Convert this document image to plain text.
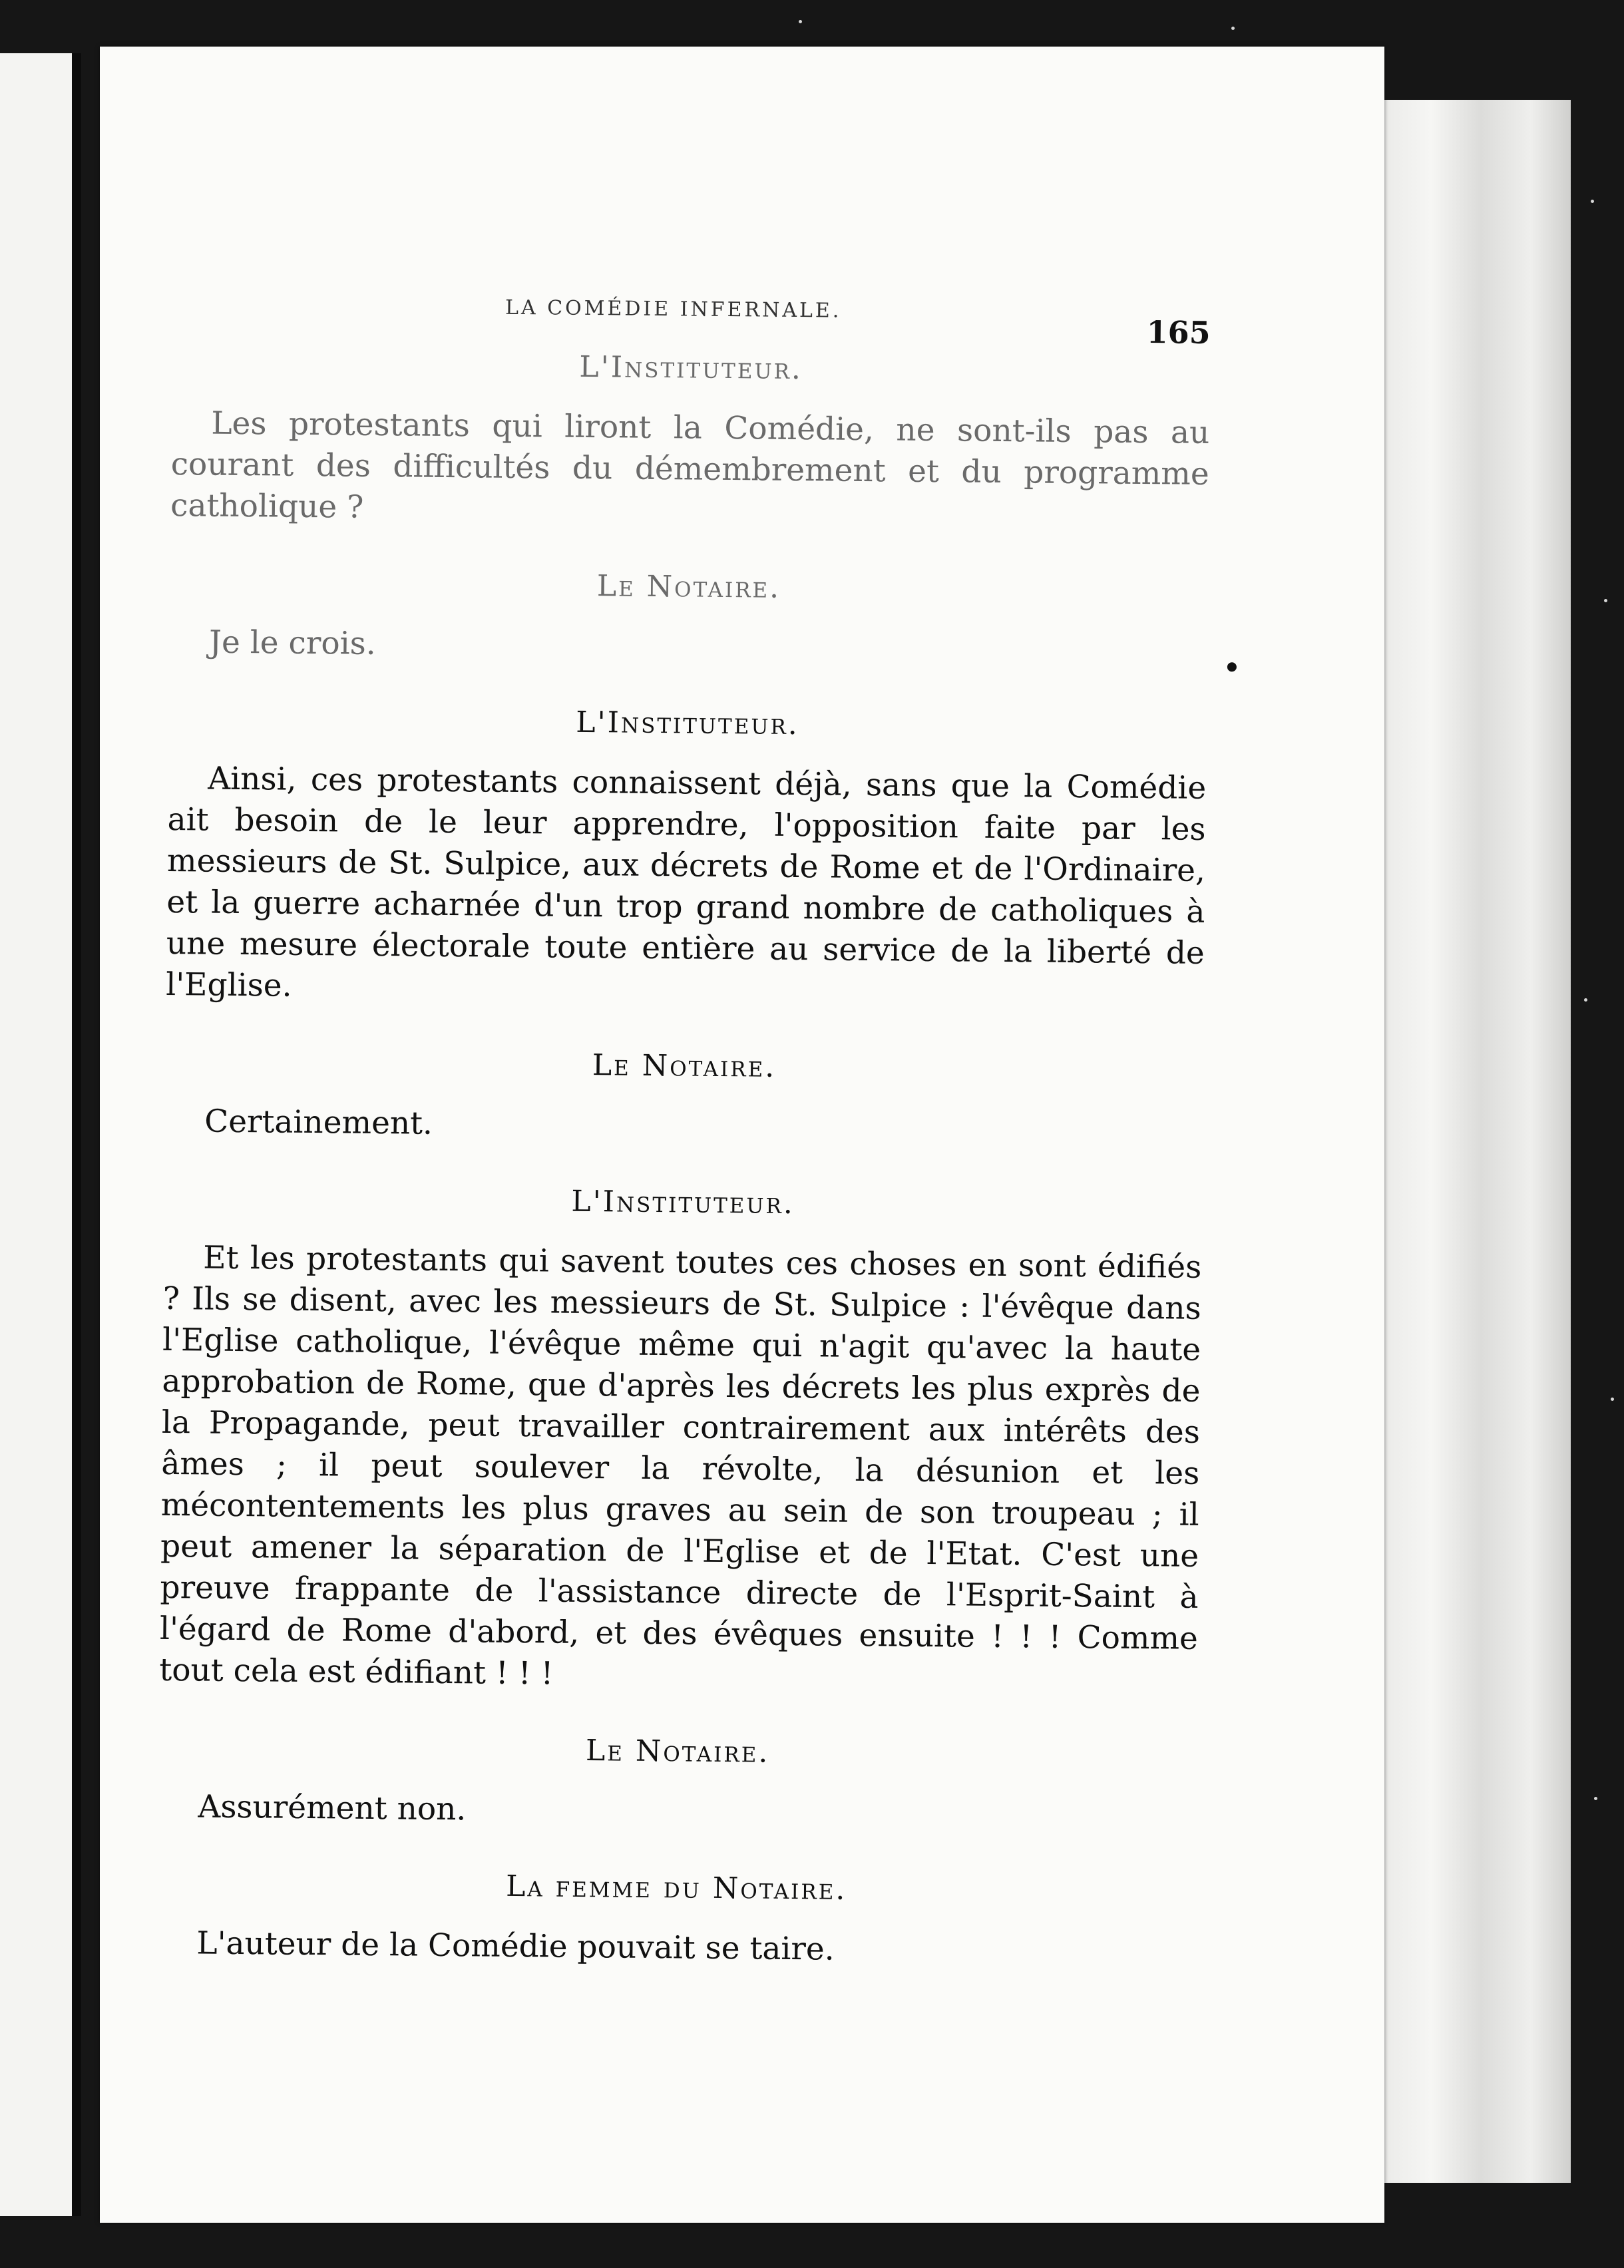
LA COMÉDIE INFERNALE.
165

L'Instituteur.

Les protestants qui liront la Comédie, ne sont-ils pas au courant des difficultés du démembrement et du programme catholique ?

Le Notaire.

Je le crois.

L'Instituteur.

Ainsi, ces protestants connaissent déjà, sans que la Comédie ait besoin de le leur apprendre, l'opposition faite par les messieurs de St. Sulpice, aux décrets de Rome et de l'Ordinaire, et la guerre acharnée d'un trop grand nombre de catholiques à une mesure électorale toute entière au service de la liberté de l'Eglise.

Le Notaire.

Certainement.

L'Instituteur.

Et les protestants qui savent toutes ces choses en sont édifiés ? Ils se disent, avec les messieurs de St. Sulpice : l'évêque dans l'Eglise catholique, l'évêque même qui n'agit qu'avec la haute approbation de Rome, que d'après les décrets les plus exprès de la Propagande, peut travailler contrairement aux intérêts des âmes ; il peut soulever la révolte, la désunion et les mécontentements les plus graves au sein de son troupeau ; il peut amener la séparation de l'Eglise et de l'Etat. C'est une preuve frappante de l'assistance directe de l'Esprit-Saint à l'égard de Rome d'abord, et des évêques ensuite ! ! ! Comme tout cela est édifiant ! ! !

Le Notaire.

Assurément non.

La femme du Notaire.

L'auteur de la Comédie pouvait se taire.
